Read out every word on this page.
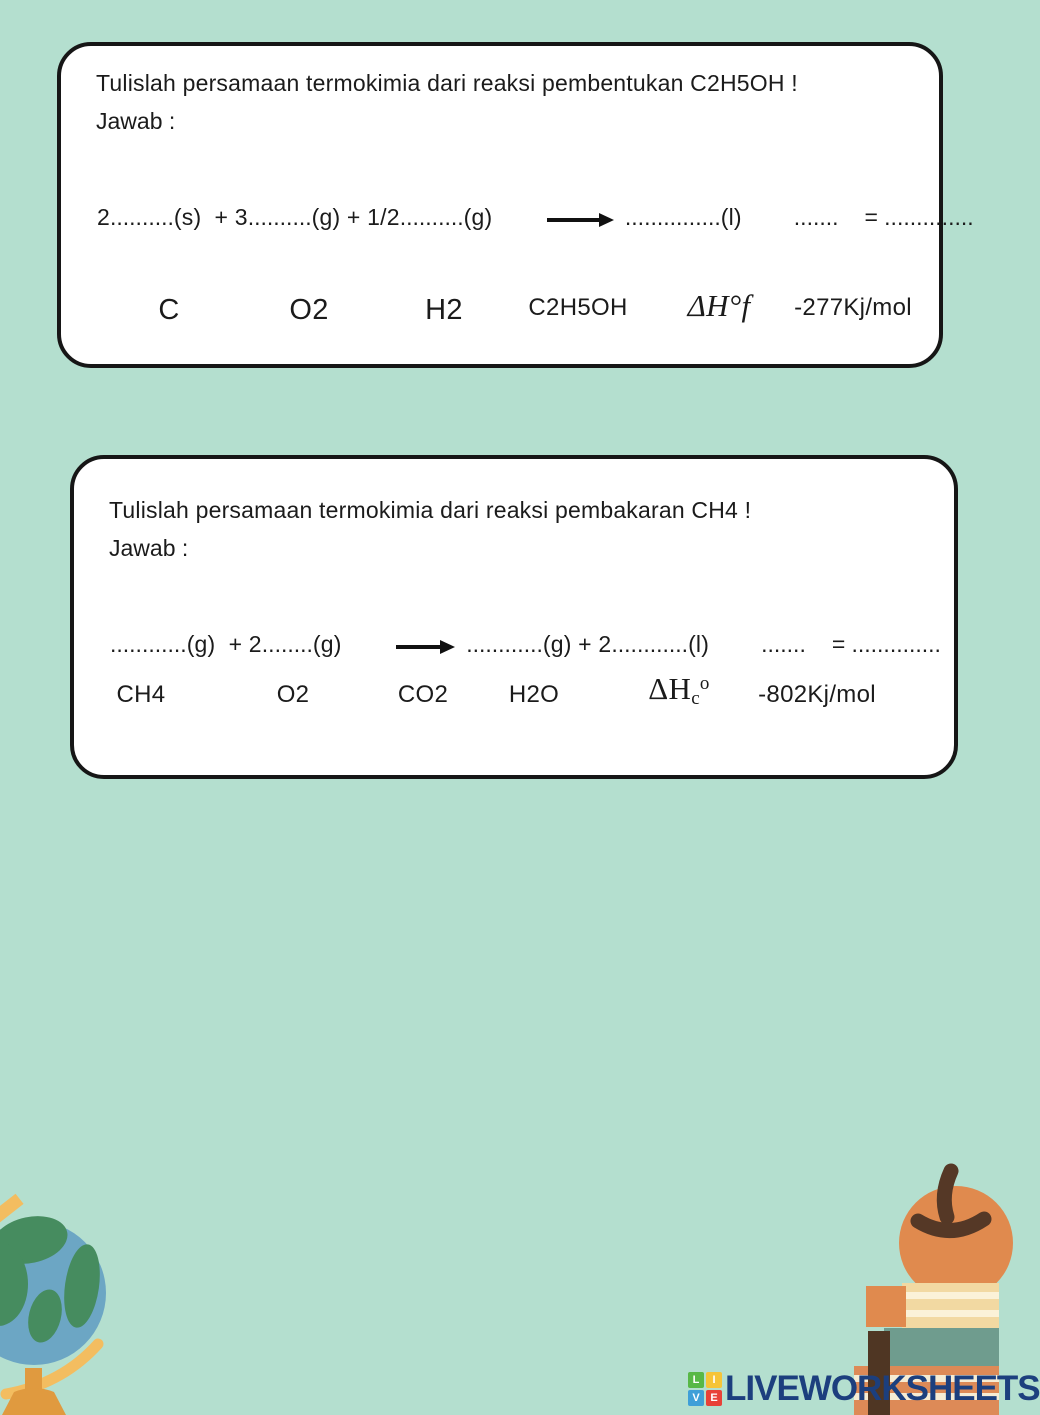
Tulislah persamaan termokimia dari reaksi pembentukan C2H5OH !
Jawab :
2 .......... (s)  + 3 .......... (g) + 1/2 .......... (g)

	............... (l) ....... = ..............
C	O2	H2	C2H5OH ΔH°f -277Kj/mol
Tulislah persamaan termokimia dari reaksi pembakaran CH4 !
Jawab :
............ (g)  + 2 ........ (g)

	............ (g) + 2 ............ (l) ....... = ..............
CH4	O2	CO2	H2O	$\Delta H_c^o$ -802Kj/mol
L	I
V E LIVEWORKSHEETS
